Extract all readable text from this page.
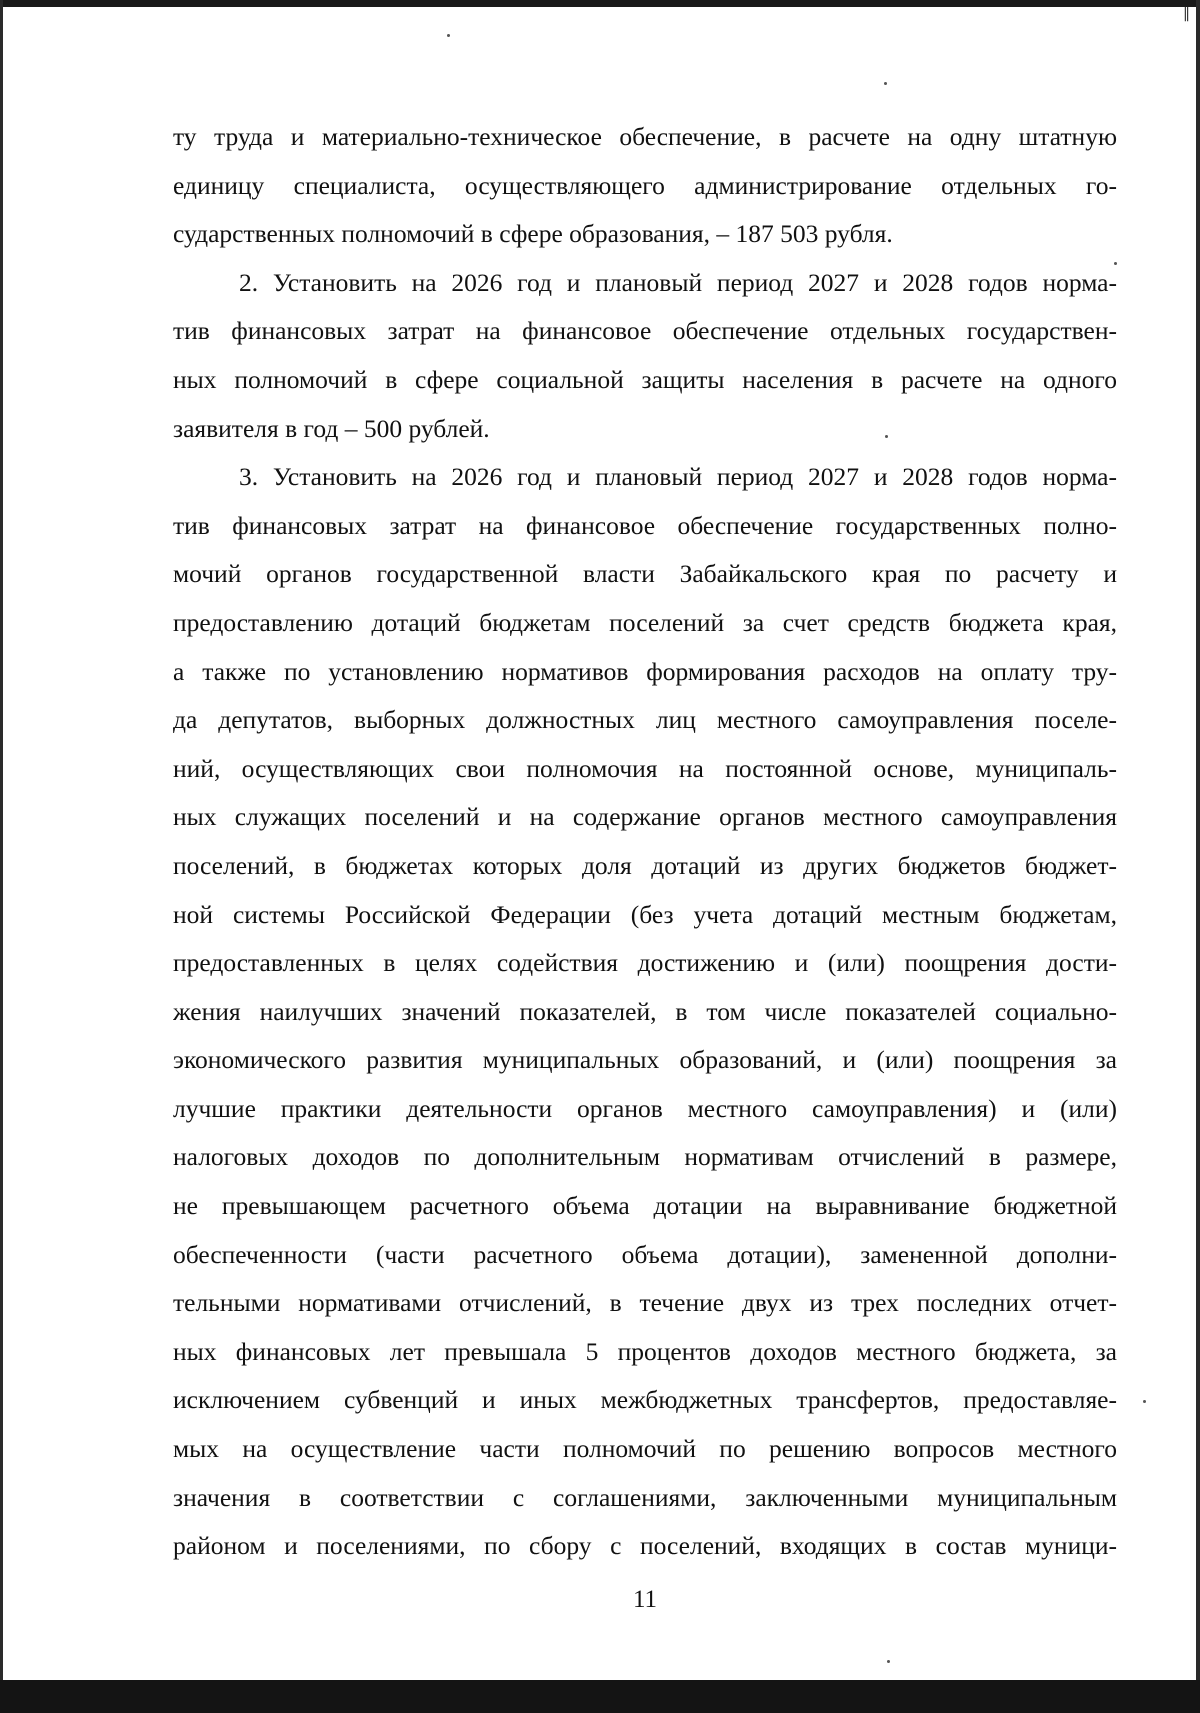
‖
ту труда и материально-техническое обеспечение, в расчете на одну штатную
единицу специалиста, осуществляющего администрирование отдельных го-
сударственных полномочий в сфере образования, – 187 503 рубля.
2. Установить на 2026 год и плановый период 2027 и 2028 годов норма-
тив финансовых затрат на финансовое обеспечение отдельных государствен-
ных полномочий в сфере социальной защиты населения в расчете на одного
заявителя в год – 500 рублей.
3. Установить на 2026 год и плановый период 2027 и 2028 годов норма-
тив финансовых затрат на финансовое обеспечение государственных полно-
мочий органов государственной власти Забайкальского края по расчету и
предоставлению дотаций бюджетам поселений за счет средств бюджета края,
а также по установлению нормативов формирования расходов на оплату тру-
да депутатов, выборных должностных лиц местного самоуправления поселе-
ний, осуществляющих свои полномочия на постоянной основе, муниципаль-
ных служащих поселений и на содержание органов местного самоуправления
поселений, в бюджетах которых доля дотаций из других бюджетов бюджет-
ной системы Российской Федерации (без учета дотаций местным бюджетам,
предоставленных в целях содействия достижению и (или) поощрения дости-
жения наилучших значений показателей, в том числе показателей социально-
экономического развития муниципальных образований, и (или) поощрения за
лучшие практики деятельности органов местного самоуправления) и (или)
налоговых доходов по дополнительным нормативам отчислений в размере,
не превышающем расчетного объема дотации на выравнивание бюджетной
обеспеченности (части расчетного объема дотации), замененной дополни-
тельными нормативами отчислений, в течение двух из трех последних отчет-
ных финансовых лет превышала 5 процентов доходов местного бюджета, за
исключением субвенций и иных межбюджетных трансфертов, предоставляе-
мых на осуществление части полномочий по решению вопросов местного
значения в соответствии с соглашениями, заключенными муниципальным
районом и поселениями, по сбору с поселений, входящих в состав муници-
11
